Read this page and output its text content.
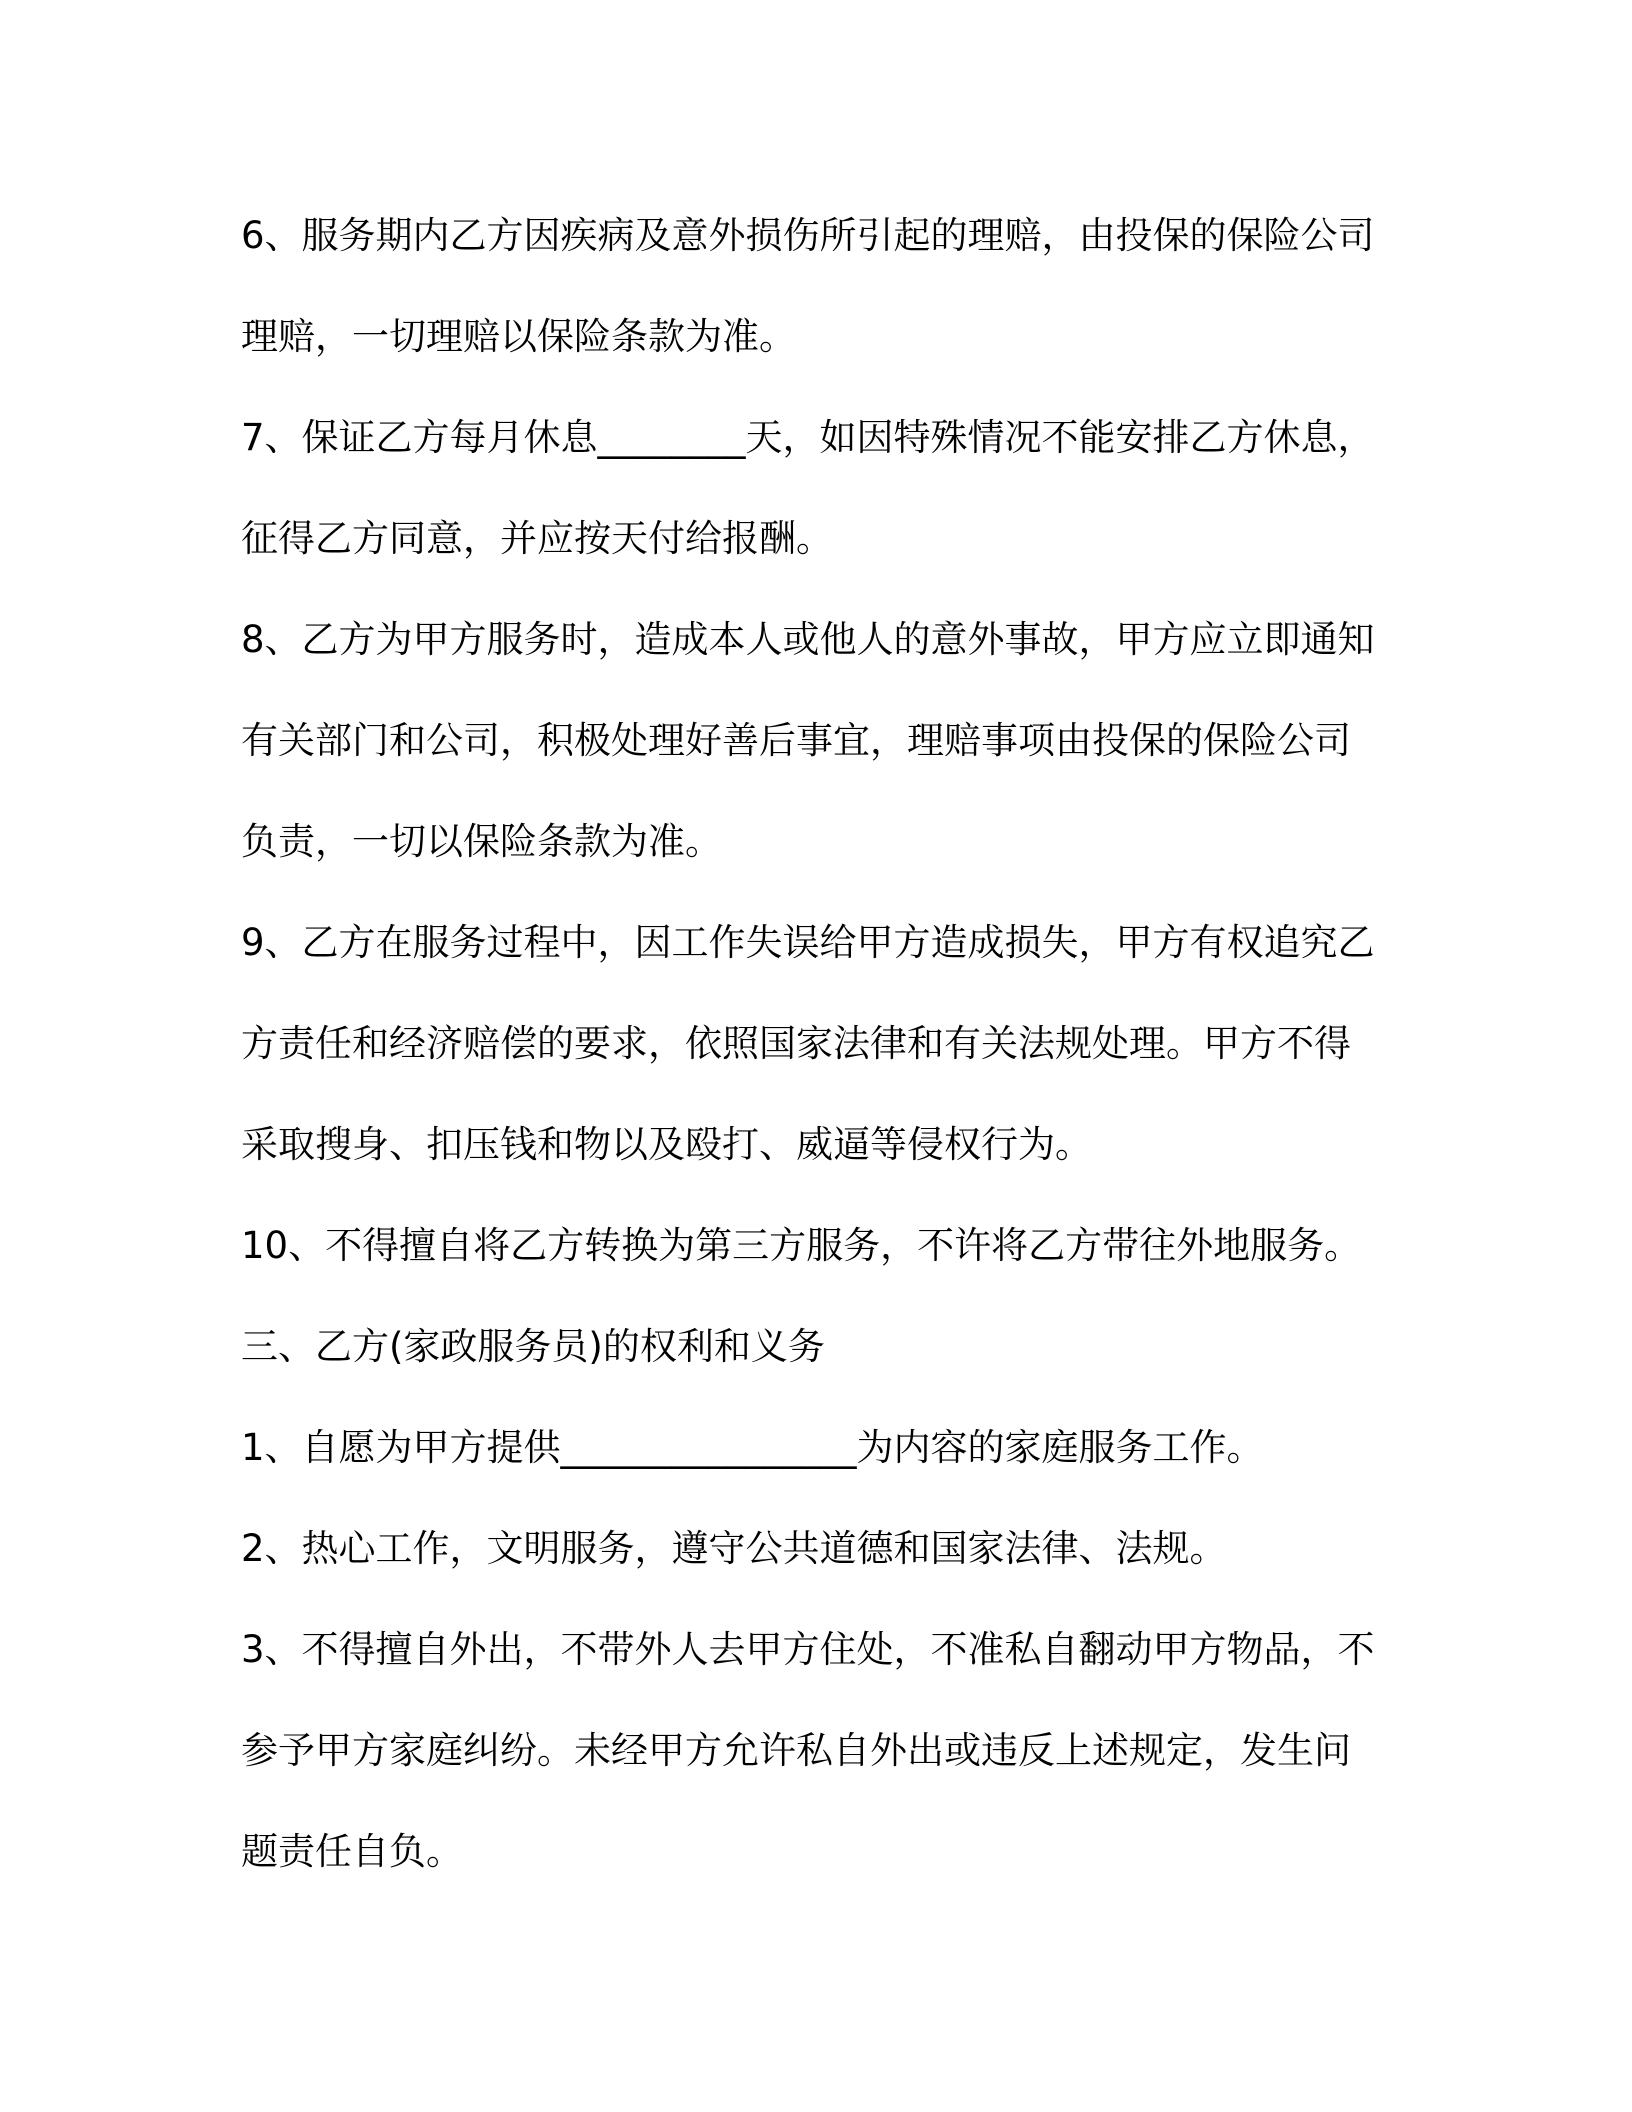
6、服务期内乙方因疾病及意外损伤所引起的理赔，由投保的保险公司
理赔，一切理赔以保险条款为准。
7、保证乙方每月休息________天，如因特殊情况不能安排乙方休息，
征得乙方同意，并应按天付给报酬。
8、乙方为甲方服务时，造成本人或他人的意外事故，甲方应立即通知
有关部门和公司，积极处理好善后事宜，理赔事项由投保的保险公司
负责，一切以保险条款为准。
9、乙方在服务过程中，因工作失误给甲方造成损失，甲方有权追究乙
方责任和经济赔偿的要求，依照国家法律和有关法规处理。甲方不得
采取搜身、扣压钱和物以及殴打、威逼等侵权行为。
10、不得擅自将乙方转换为第三方服务，不许将乙方带往外地服务。
三、乙方(家政服务员)的权利和义务
1、自愿为甲方提供________________为内容的家庭服务工作。
2、热心工作，文明服务，遵守公共道德和国家法律、法规。
3、不得擅自外出，不带外人去甲方住处，不准私自翻动甲方物品，不
参予甲方家庭纠纷。未经甲方允许私自外出或违反上述规定，发生问
题责任自负。
